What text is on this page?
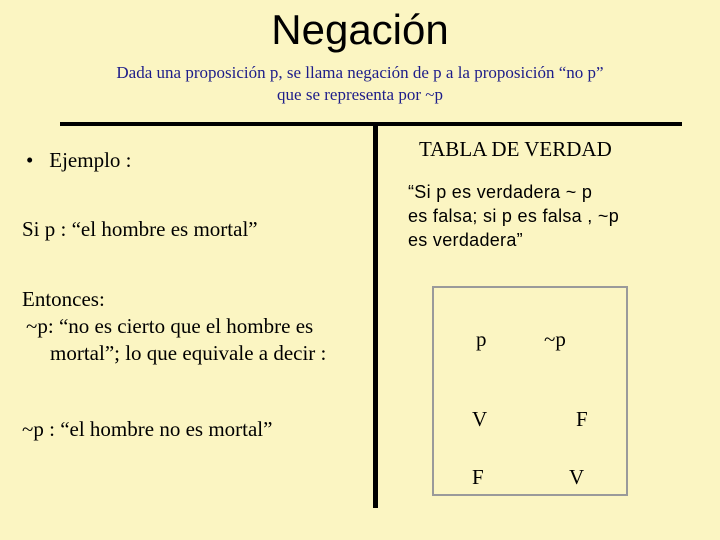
Negación
Dada una proposición p, se llama negación de p a la proposición “no p”
que se representa por ~p
• Ejemplo :
Si p : “el hombre es mortal”
Entonces:
~p: “no es cierto que el hombre es
mortal”; lo que equivale a decir :
~p : “el hombre no es mortal”
TABLA DE VERDAD
“Si p es verdadera ~ p
es falsa; si p es falsa , ~p
es verdadera”
p	~p
V	F
F	V
